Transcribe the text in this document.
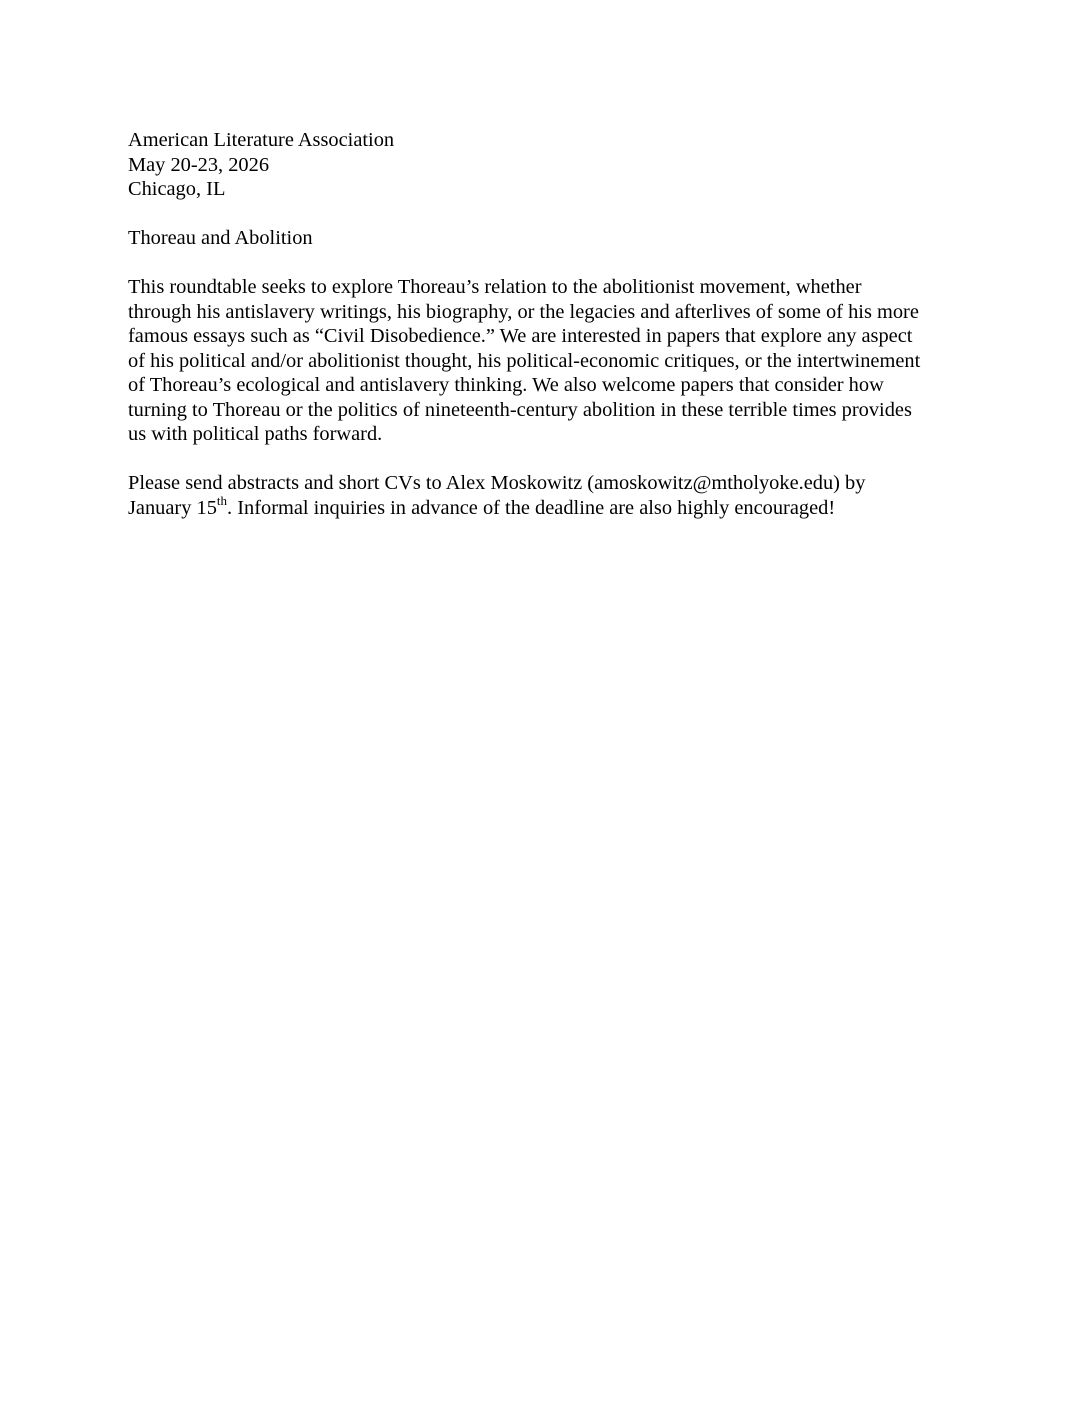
American Literature Association
May 20-23, 2026
Chicago, IL
Thoreau and Abolition
This roundtable seeks to explore Thoreau’s relation to the abolitionist movement, whether
through his antislavery writings, his biography, or the legacies and afterlives of some of his more
famous essays such as “Civil Disobedience.” We are interested in papers that explore any aspect
of his political and/or abolitionist thought, his political-economic critiques, or the intertwinement
of Thoreau’s ecological and antislavery thinking. We also welcome papers that consider how
turning to Thoreau or the politics of nineteenth-century abolition in these terrible times provides
us with political paths forward.
Please send abstracts and short CVs to Alex Moskowitz (amoskowitz@mtholyoke.edu) by
January 15th. Informal inquiries in advance of the deadline are also highly encouraged!
